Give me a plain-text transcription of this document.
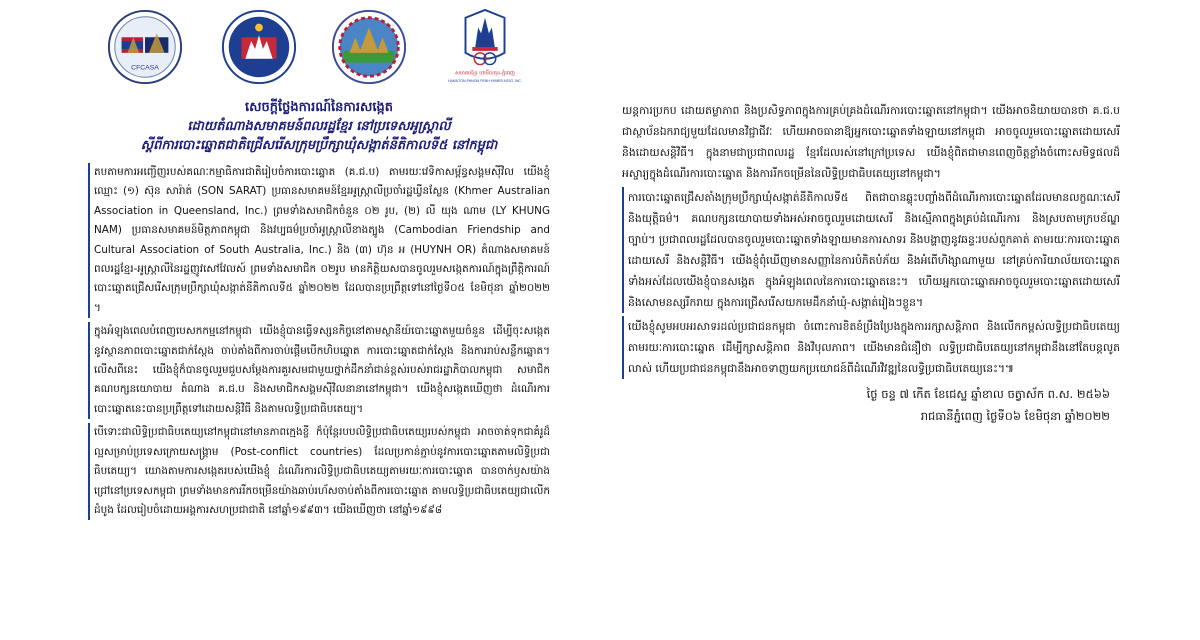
CFCASA
សមាគមខ្មែរ ហាមីលតុន-ភ្នំពេញ
HAMILTON-PHNOM PENH KHMER ASSO. INC.
សេចក្តីថ្លែងការណ៍នៃការសង្កេត
ដោយតំណាងសមាគមន៍ពលរដ្ឋខ្មែរ នៅប្រទេសអូស្ត្រាលី
ស្តីពីការបោះឆ្នោតជាតិជ្រើសរើសក្រុមប្រឹក្សាឃុំសង្កាត់នីតិកាលទី៥ នៅកម្ពុជា

តបតាមការអញ្ជើញរបស់គណៈកម្មាធិការជាតិរៀបចំការបោះឆ្នោត (គ.ជ.ប) តាមរយៈវេទិកាសម្ព័ន្ធសង្គមស៊ីវិល យើងខ្ញុំឈ្មោះ (១) ស៊ុន សារ៉ាត់ (SON SARAT) ប្រធានសមាគមន៍ខ្មែរអូស្ត្រាលីប្រចាំរដ្ឋឃ្វីនស្លែន (Khmer Australian Association in Queensland, Inc.) ព្រមទាំងសមាជិកចំនួន ០២ រូប, (២) លី យុង ណាម (LY KHUNG NAM) ប្រធានសមាគមន៍មិត្តភាពកម្ពុជា និងវប្បធម៌ប្រចាំអូស្ត្រាលីខាងត្បូង (Cambodian Friendship and Cultural Association of South Australia, Inc.) និង (៣) ហ៊ុន អ (HUYNH OR) តំណាងសមាគមន៍ពលរដ្ឋខ្មែរ-អូស្ត្រាលីនៃរដ្ឋញូវសៅវែលស៍ ព្រមទាំងសមាជិក ០២រូប មានកិត្តិយសបានចូលរួមសង្កេតការណ៍ក្នុងព្រឹត្តិការណ៍បោះឆ្នោតជ្រើសរើសក្រុមប្រឹក្សាឃុំសង្កាត់នីតិកាលទី៥ ឆ្នាំ២០២២ ដែលបានប្រព្រឹត្តទៅនៅថ្ងៃទី០៥ ខែមិថុនា ឆ្នាំ២០២២ ។

ក្នុងអំឡុងពេលបំពេញបេសកកម្មនៅកម្ពុជា យើងខ្ញុំបានធ្វើទស្សនកិច្ចនៅតាមស្ថានីយ៍បោះឆ្នោតមួយចំនួន ដើម្បីចុះសង្កេតនូវស្ថានភាពបោះឆ្នោតជាក់ស្តែង ចាប់តាំងពីការចាប់ផ្តើមបើកហិបឆ្នោត ការបោះឆ្នោតជាក់ស្តែង និងការរាប់សន្លឹកឆ្នោត។ លើសពីនេះ យើងខ្ញុំក៏បានចូលរួមជួបសម្តែងការគួរសមជាមួយថ្នាក់ដឹកនាំជាន់ខ្ពស់របស់រាជរដ្ឋាភិបាលកម្ពុជា សមាជិកគណបក្សនយោបាយ តំណាង គ.ជ.ប និងសមាជិកសង្គមស៊ីវិលនានានៅកម្ពុជា។ យើងខ្ញុំសង្កេតឃើញថា ដំណើរការបោះឆ្នោតនេះបានប្រព្រឹត្តទៅដោយសន្តិវិធី និងតាមលទ្ធិប្រជាធិបតេយ្យ។

បើទោះជាលិទ្ធិប្រជាធិបតេយ្យនៅកម្ពុជានៅមានភាពក្មេងខ្ចី ក៏ប៉ុន្តែរបបលិទ្ធិប្រជាធិបតេយ្យរបស់កម្ពុជា អាចចាត់ទុកជាគំរូដ៏ល្អសម្រាប់ប្រទេសក្រោយសង្គ្រាម (Post-conflict countries) ដែលប្រកាន់ភ្ជាប់នូវការបោះឆ្នោតតាមលិទ្ធិប្រជាធិបតេយ្យ។ យោងតាមការសង្កេតរបស់យើងខ្ញុំ ដំណើរការលិទ្ធិប្រជាធិបតេយ្យតាមរយៈការបោះឆ្នោត បានចាក់ឫសយ៉ាងជ្រៅនៅប្រទេសកម្ពុជា ព្រមទាំងមានការរីកចម្រើនយ៉ាងឆាប់រហ័សចាប់តាំងពីការបោះឆ្នោត តាមលទ្ធិប្រជាធិបតេយ្យជាលើកដំបូង ដែលរៀបចំដោយអង្គការសហប្រជាជាតិ នៅឆ្នាំ១៩៩៣។ យើងឃើញថា នៅឆ្នាំ១៩៩៨

យន្តការប្រកប ដោយតម្លាភាព និងប្រសិទ្ធភាពក្នុងការគ្រប់គ្រងដំណើរការបោះឆ្នោតនៅកម្ពុជា។ យើងអាចនិយាយបានថា គ.ជ.ប ជាស្ថាប័នឯករាជ្យមួយដែលមានវិជ្ជាជីវៈ ហើយអាចធានាឱ្យអ្នកបោះឆ្នោតទាំងឡាយនៅកម្ពុជា អាចចូលរួមបោះឆ្នោតដោយសេរី និងដោយសន្តិវិធី។ ក្នុងនាមជាប្រជាពលរដ្ឋ ខ្មែរដែលរស់នៅក្រៅប្រទេស យើងខ្ញុំពិតជាមានពេញចិត្តខ្លាំងចំពោះសមិទ្ធផលដ៏អស្ចារ្យក្នុងដំណើរការបោះឆ្នោត និងការរីកចម្រើននៃលិទ្ធិប្រជាធិបតេយ្យនៅកម្ពុជា។
ការបោះឆ្នោតជ្រើសតាំងក្រុមប្រឹក្សាឃុំសង្កាត់នីតិកាលទី៥ ពិតជាបានឆ្លុះបញ្ចាំងពីដំណើរការបោះឆ្នោតដែលមានលក្ខណៈសេរី និងយុត្តិធម៌។ គណបក្សនយោបាយទាំងអស់អាចចូលរួមដោយសេរី និងស្មើភាពក្នុងគ្រប់ដំណើរការ និងស្របតាមក្របខ័ណ្ឌច្បាប់។ ប្រជាពលរដ្ឋដែលបានចូលរួមបោះឆ្នោតទាំងឡាយមានការសាទរ និងបង្ហាញនូវឆន្ទៈរបស់ពួកគាត់ តាមរយៈការបោះឆ្នោតដោយសេរី និងសន្តិវិធី។ យើងខ្ញុំពុំឃើញមានសញ្ញានៃការបំភិតបំភ័យ និងអំពើហិង្សាណាមួយ នៅគ្រប់ការិយាល័យបោះឆ្នោតទាំងអស់ដែលយើងខ្ញុំបានសង្កេត ក្នុងអំឡុងពេលនៃការបោះឆ្នោតនេះ។ ហើយអ្នកបោះឆ្នោតអាចចូលរួមបោះឆ្នោតដោយសេរី និងសោមនស្សរីករាយ ក្នុងការជ្រើសរើសយកមេដឹកនាំឃុំ-សង្កាត់រៀងៗខ្លួន។
យើងខ្ញុំសូមអបអរសាទរដល់ប្រជាជនកម្ពុជា ចំពោះការខិតខំប្រឹងប្រែងក្នុងការរក្សាសន្តិភាព និងលើកកម្ពស់លទ្ធិប្រជាធិបតេយ្យ តាមរយៈការបោះឆ្នោត ដើម្បីក្សាសន្តិភាព និងវិបុលភាព។ យើងមានជំនឿថា លទ្ធិប្រជាធិបតេយ្យនៅកម្ពុជានឹងនៅតែបន្តលូតលាស់ ហើយប្រជាជនកម្ពុជានឹងអាចទាញយកប្រយោជន៍ពីដំណើរវិវឌ្ឍនៃលទ្ធិប្រជាធិបតេយ្យនេះ។៕
ថ្ងៃ ចន្ទ ៧ កើត ខែជេស្ឋ ឆ្នាំខាល ចត្វាស័ក ព.ស. ២៥៦៦
រាជធានីភ្នំពេញ ថ្ងៃទី០៦ ខែមិថុនា ឆ្នាំ២០២២
